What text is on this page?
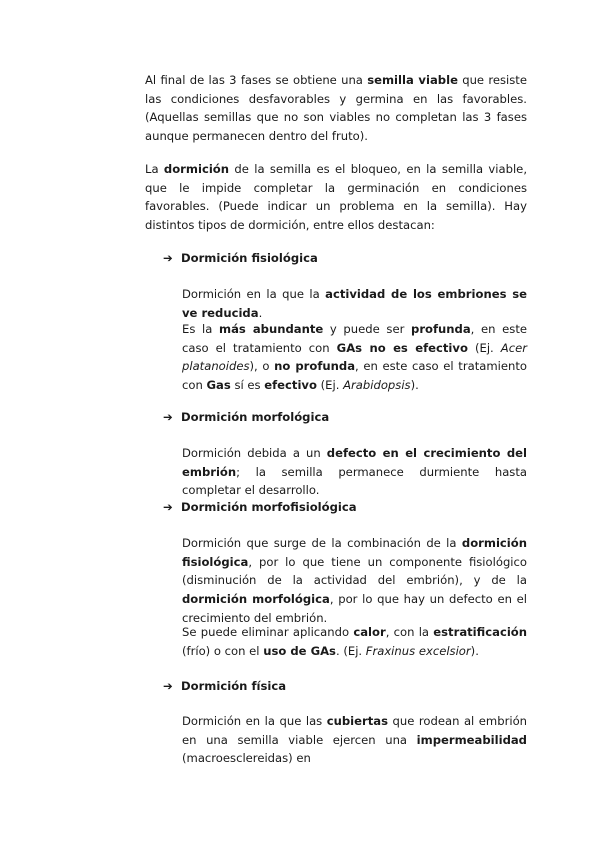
Al final de las 3 fases se obtiene una semilla viable que resiste las condiciones desfavorables y germina en las favorables. (Aquellas semillas que no son viables no completan las 3 fases aunque permanecen dentro del fruto).

La dormición de la semilla es el bloqueo, en la semilla viable, que le impide completar la germinación en condiciones favorables. (Puede indicar un problema en la semilla). Hay distintos tipos de dormición, entre ellos destacan:

➔ Dormición fisiológica

Dormición en la que la actividad de los embriones se ve reducida.

Es la más abundante y puede ser profunda, en este caso el tratamiento con GAs no es efectivo (Ej. Acer platanoides), o no profunda, en este caso el tratamiento con Gas sí es efectivo (Ej. Arabidopsis).

➔ Dormición morfológica

Dormición debida a un defecto en el crecimiento del embrión; la semilla permanece durmiente hasta completar el desarrollo.

➔ Dormición morfofisiológica

Dormición que surge de la combinación de la dormición fisiológica, por lo que tiene un componente fisiológico (disminución de la actividad del embrión), y de la dormición morfológica, por lo que hay un defecto en el crecimiento del embrión.

Se puede eliminar aplicando calor, con la estratificación (frío) o con el uso de GAs. (Ej. Fraxinus excelsior).

➔ Dormición física

Dormición en la que las cubiertas que rodean al embrión en una semilla viable ejercen una impermeabilidad (macroesclereidas) en
